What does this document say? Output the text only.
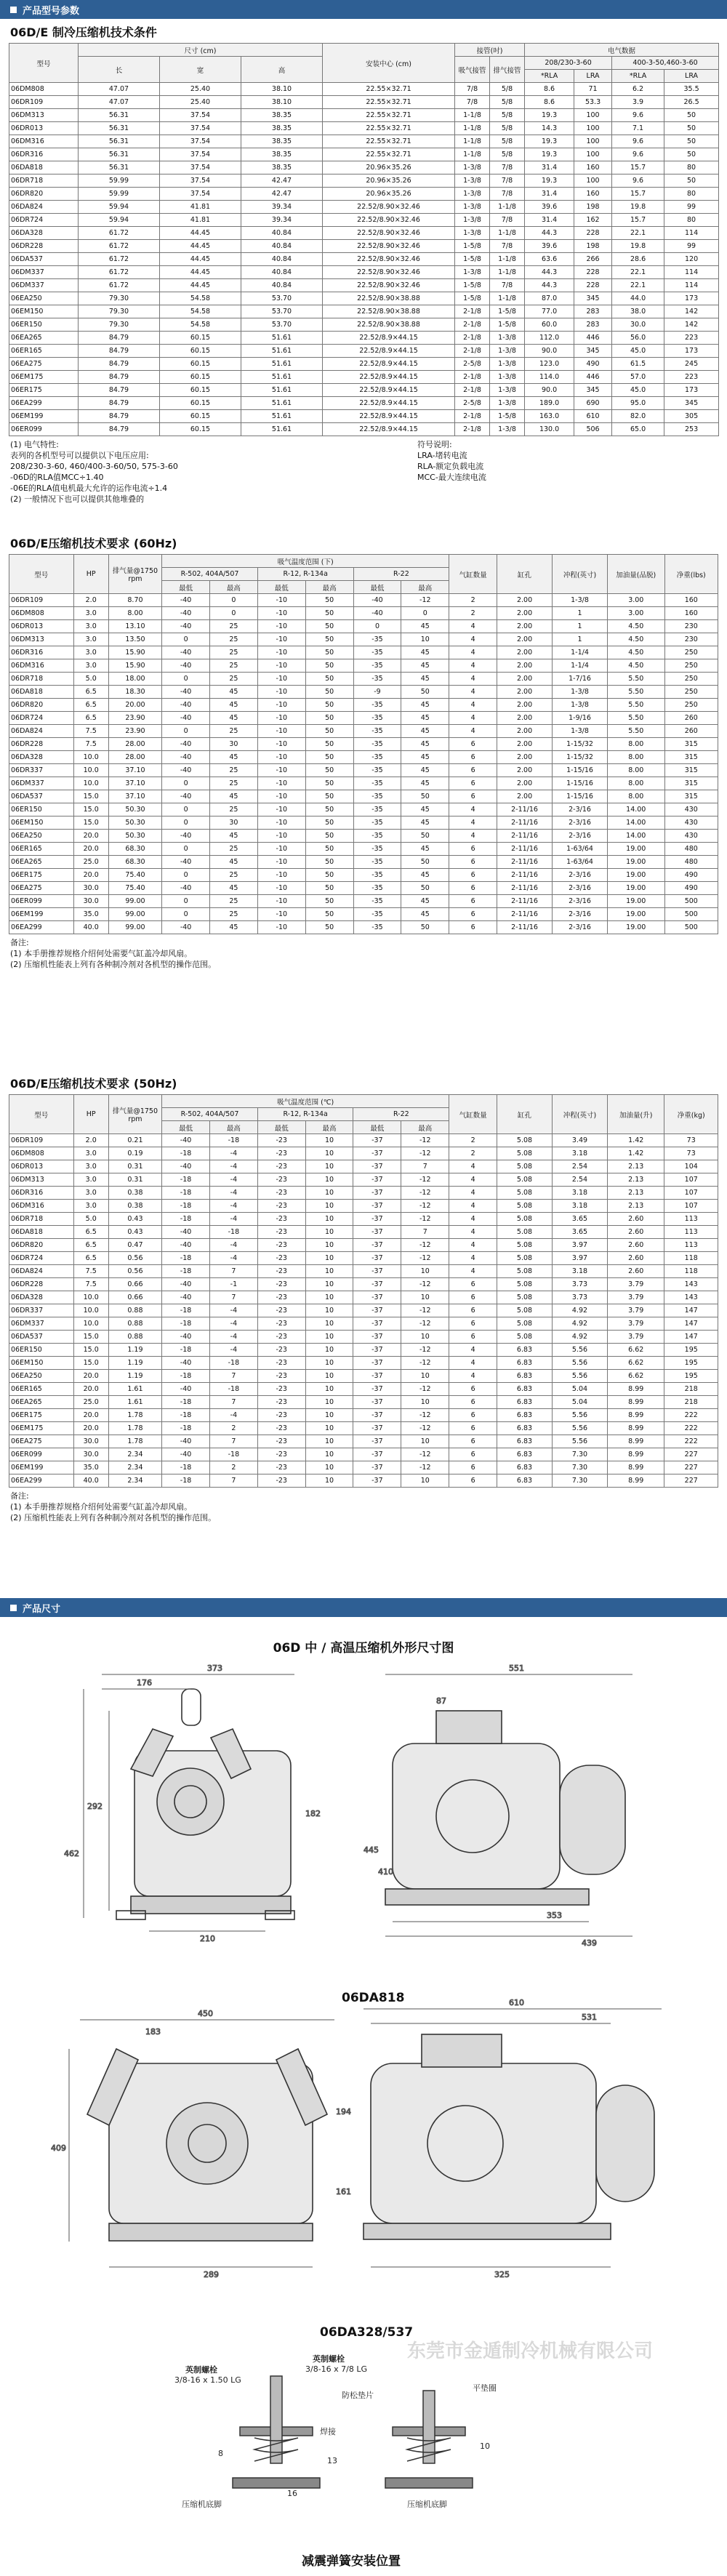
产品型号参数
06D/E 制冷压缩机技术条件
型号	尺寸 (cm)			安装中心 (cm)	接管(吋)		电气数据			
	长	宽	高		吸气接管	排气接管	208/230-3-60		400-3-50,460-3-60	
							*RLA	LRA	*RLA	LRA
06DM808	47.07	25.40	38.10	22.55×32.71	7/8	5/8	8.6	71	6.2	35.5
06DR109	47.07	25.40	38.10	22.55×32.71	7/8	5/8	8.6	53.3	3.9	26.5
06DM313	56.31	37.54	38.35	22.55×32.71	1-1/8	5/8	19.3	100	9.6	50
06DR013	56.31	37.54	38.35	22.55×32.71	1-1/8	5/8	14.3	100	7.1	50
06DM316	56.31	37.54	38.35	22.55×32.71	1-1/8	5/8	19.3	100	9.6	50
06DR316	56.31	37.54	38.35	22.55×32.71	1-1/8	5/8	19.3	100	9.6	50
06DA818	56.31	37.54	38.35	20.96×35.26	1-3/8	7/8	31.4	160	15.7	80
06DR718	59.99	37.54	42.47	20.96×35.26	1-3/8	7/8	19.3	100	9.6	50
06DR820	59.99	37.54	42.47	20.96×35.26	1-3/8	7/8	31.4	160	15.7	80
06DA824	59.94	41.81	39.34	22.52/8.90×32.46	1-3/8	1-1/8	39.6	198	19.8	99
06DR724	59.94	41.81	39.34	22.52/8.90×32.46	1-3/8	7/8	31.4	162	15.7	80
06DA328	61.72	44.45	40.84	22.52/8.90×32.46	1-3/8	1-1/8	44.3	228	22.1	114
06DR228	61.72	44.45	40.84	22.52/8.90×32.46	1-5/8	7/8	39.6	198	19.8	99
06DA537	61.72	44.45	40.84	22.52/8.90×32.46	1-5/8	1-1/8	63.6	266	28.6	120
06DM337	61.72	44.45	40.84	22.52/8.90×32.46	1-3/8	1-1/8	44.3	228	22.1	114
06DM337	61.72	44.45	40.84	22.52/8.90×32.46	1-5/8	7/8	44.3	228	22.1	114
06EA250	79.30	54.58	53.70	22.52/8.90×38.88	1-5/8	1-1/8	87.0	345	44.0	173
06EM150	79.30	54.58	53.70	22.52/8.90×38.88	2-1/8	1-5/8	77.0	283	38.0	142
06ER150	79.30	54.58	53.70	22.52/8.90×38.88	2-1/8	1-5/8	60.0	283	30.0	142
06EA265	84.79	60.15	51.61	22.52/8.9×44.15	2-1/8	1-3/8	112.0	446	56.0	223
06ER165	84.79	60.15	51.61	22.52/8.9×44.15	2-1/8	1-3/8	90.0	345	45.0	173
06EA275	84.79	60.15	51.61	22.52/8.9×44.15	2-5/8	1-3/8	123.0	490	61.5	245
06EM175	84.79	60.15	51.61	22.52/8.9×44.15	2-1/8	1-3/8	114.0	446	57.0	223
06ER175	84.79	60.15	51.61	22.52/8.9×44.15	2-1/8	1-3/8	90.0	345	45.0	173
06EA299	84.79	60.15	51.61	22.52/8.9×44.15	2-5/8	1-3/8	189.0	690	95.0	345
06EM199	84.79	60.15	51.61	22.52/8.9×44.15	2-1/8	1-5/8	163.0	610	82.0	305
06ER099	84.79	60.15	51.61	22.52/8.9×44.15	2-1/8	1-3/8	130.0	506	65.0	253
(1) 电气特性:
表列的各机型号可以提供以下电压应用:
208/230-3-60, 460/400-3-60/50, 575-3-60
-06D的RLA值MCC÷1.40
-06E的RLA值电机最大允许的运作电流÷1.4
(2) 一般情况下也可以提供其他堆叠的
符号说明:
LRA-堵转电流
RLA-额定负载电流
MCC-最大连续电流
06D/E压缩机技术要求 (60Hz)
型号	HP	排气量@1750 rpm	吸气温度范围 (下)						气缸数量	缸孔	冲程(英寸)	加油量(品脱)	净重(lbs)
			R-502, 404A/507		R-12, R-134a		R-22						
			最低	最高	最低	最高	最低	最高					
06DR109	2.0	8.70	-40	0	-10	50	-40	-12	2	2.00	1-3/8	3.00	160
06DM808	3.0	8.00	-40	0	-10	50	-40	0	2	2.00	1	3.00	160
06DR013	3.0	13.10	-40	25	-10	50	0	45	4	2.00	1	4.50	230
06DM313	3.0	13.50	0	25	-10	50	-35	10	4	2.00	1	4.50	230
06DR316	3.0	15.90	-40	25	-10	50	-35	45	4	2.00	1-1/4	4.50	250
06DM316	3.0	15.90	-40	25	-10	50	-35	45	4	2.00	1-1/4	4.50	250
06DR718	5.0	18.00	0	25	-10	50	-35	45	4	2.00	1-7/16	5.50	250
06DA818	6.5	18.30	-40	45	-10	50	-9	50	4	2.00	1-3/8	5.50	250
06DR820	6.5	20.00	-40	45	-10	50	-35	45	4	2.00	1-3/8	5.50	250
06DR724	6.5	23.90	-40	45	-10	50	-35	45	4	2.00	1-9/16	5.50	260
06DA824	7.5	23.90	0	25	-10	50	-35	45	4	2.00	1-3/8	5.50	260
06DR228	7.5	28.00	-40	30	-10	50	-35	45	6	2.00	1-15/32	8.00	315
06DA328	10.0	28.00	-40	45	-10	50	-35	45	6	2.00	1-15/32	8.00	315
06DR337	10.0	37.10	-40	25	-10	50	-35	45	6	2.00	1-15/16	8.00	315
06DM337	10.0	37.10	0	25	-10	50	-35	45	6	2.00	1-15/16	8.00	315
06DA537	15.0	37.10	-40	45	-10	50	-35	50	6	2.00	1-15/16	8.00	315
06ER150	15.0	50.30	0	25	-10	50	-35	45	4	2-11/16	2-3/16	14.00	430
06EM150	15.0	50.30	0	30	-10	50	-35	45	4	2-11/16	2-3/16	14.00	430
06EA250	20.0	50.30	-40	45	-10	50	-35	50	4	2-11/16	2-3/16	14.00	430
06ER165	20.0	68.30	0	25	-10	50	-35	45	6	2-11/16	1-63/64	19.00	480
06EA265	25.0	68.30	-40	45	-10	50	-35	50	6	2-11/16	1-63/64	19.00	480
06ER175	20.0	75.40	0	25	-10	50	-35	45	6	2-11/16	2-3/16	19.00	490
06EA275	30.0	75.40	-40	45	-10	50	-35	50	6	2-11/16	2-3/16	19.00	490
06ER099	30.0	99.00	0	25	-10	50	-35	45	6	2-11/16	2-3/16	19.00	500
06EM199	35.0	99.00	0	25	-10	50	-35	45	6	2-11/16	2-3/16	19.00	500
06EA299	40.0	99.00	-40	45	-10	50	-35	50	6	2-11/16	2-3/16	19.00	500
备注:
(1) 本手册推荐规格介绍何处需要气缸盖冷却风扇。
(2) 压缩机性能表上列有各种制冷剂对各机型的操作范围。
06D/E压缩机技术要求 (50Hz)
型号	HP	排气量@1750 rpm	吸气温度范围 (℃)						气缸数量	缸孔	冲程(英寸)	加油量(升)	净重(kg)
			R-502, 404A/507		R-12, R-134a		R-22						
			最低	最高	最低	最高	最低	最高					
06DR109	2.0	0.21	-40	-18	-23	10	-37	-12	2	5.08	3.49	1.42	73
06DM808	3.0	0.19	-18	-4	-23	10	-37	-12	2	5.08	3.18	1.42	73
06DR013	3.0	0.31	-40	-4	-23	10	-37	7	4	5.08	2.54	2.13	104
06DM313	3.0	0.31	-18	-4	-23	10	-37	-12	4	5.08	2.54	2.13	107
06DR316	3.0	0.38	-18	-4	-23	10	-37	-12	4	5.08	3.18	2.13	107
06DM316	3.0	0.38	-18	-4	-23	10	-37	-12	4	5.08	3.18	2.13	107
06DR718	5.0	0.43	-18	-4	-23	10	-37	-12	4	5.08	3.65	2.60	113
06DA818	6.5	0.43	-40	-18	-23	10	-37	7	4	5.08	3.65	2.60	113
06DR820	6.5	0.47	-40	-4	-23	10	-37	-12	4	5.08	3.97	2.60	113
06DR724	6.5	0.56	-18	-4	-23	10	-37	-12	4	5.08	3.97	2.60	118
06DA824	7.5	0.56	-18	7	-23	10	-37	10	4	5.08	3.18	2.60	118
06DR228	7.5	0.66	-40	-1	-23	10	-37	-12	6	5.08	3.73	3.79	143
06DA328	10.0	0.66	-40	7	-23	10	-37	10	6	5.08	3.73	3.79	143
06DR337	10.0	0.88	-18	-4	-23	10	-37	-12	6	5.08	4.92	3.79	147
06DM337	10.0	0.88	-18	-4	-23	10	-37	-12	6	5.08	4.92	3.79	147
06DA537	15.0	0.88	-40	-4	-23	10	-37	10	6	5.08	4.92	3.79	147
06ER150	15.0	1.19	-18	-4	-23	10	-37	-12	4	6.83	5.56	6.62	195
06EM150	15.0	1.19	-40	-18	-23	10	-37	-12	4	6.83	5.56	6.62	195
06EA250	20.0	1.19	-18	7	-23	10	-37	10	4	6.83	5.56	6.62	195
06ER165	20.0	1.61	-40	-18	-23	10	-37	-12	6	6.83	5.04	8.99	218
06EA265	25.0	1.61	-18	7	-23	10	-37	10	6	6.83	5.04	8.99	218
06ER175	20.0	1.78	-18	-4	-23	10	-37	-12	6	6.83	5.56	8.99	222
06EM175	20.0	1.78	-18	2	-23	10	-37	-12	6	6.83	5.56	8.99	222
06EA275	30.0	1.78	-40	7	-23	10	-37	10	6	6.83	5.56	8.99	222
06ER099	30.0	2.34	-40	-18	-23	10	-37	-12	6	6.83	7.30	8.99	227
06EM199	35.0	2.34	-18	2	-23	10	-37	-12	6	6.83	7.30	8.99	227
06EA299	40.0	2.34	-18	7	-23	10	-37	10	6	6.83	7.30	8.99	227
备注:
(1) 本手册推荐规格介绍何处需要气缸盖冷却风扇。
(2) 压缩机性能表上列有各种制冷剂对各机型的操作范围。
产品尺寸
06D 中 / 高温压缩机外形尺寸图
373
176
551
87
292
462
182
445
410
210
353
439
450
183
610
531
409
194
161
289	325
英制螺栓
3/8-16 x 1.50 LG
英制螺栓
3/8-16 x 7/8 LG
平垫圈
防松垫片
焊接
压缩机底脚	压缩机底脚
16
8
13
10
06DA818
06DA328/537
减震弹簧安装位置
东莞市金遁制冷机械有限公司
